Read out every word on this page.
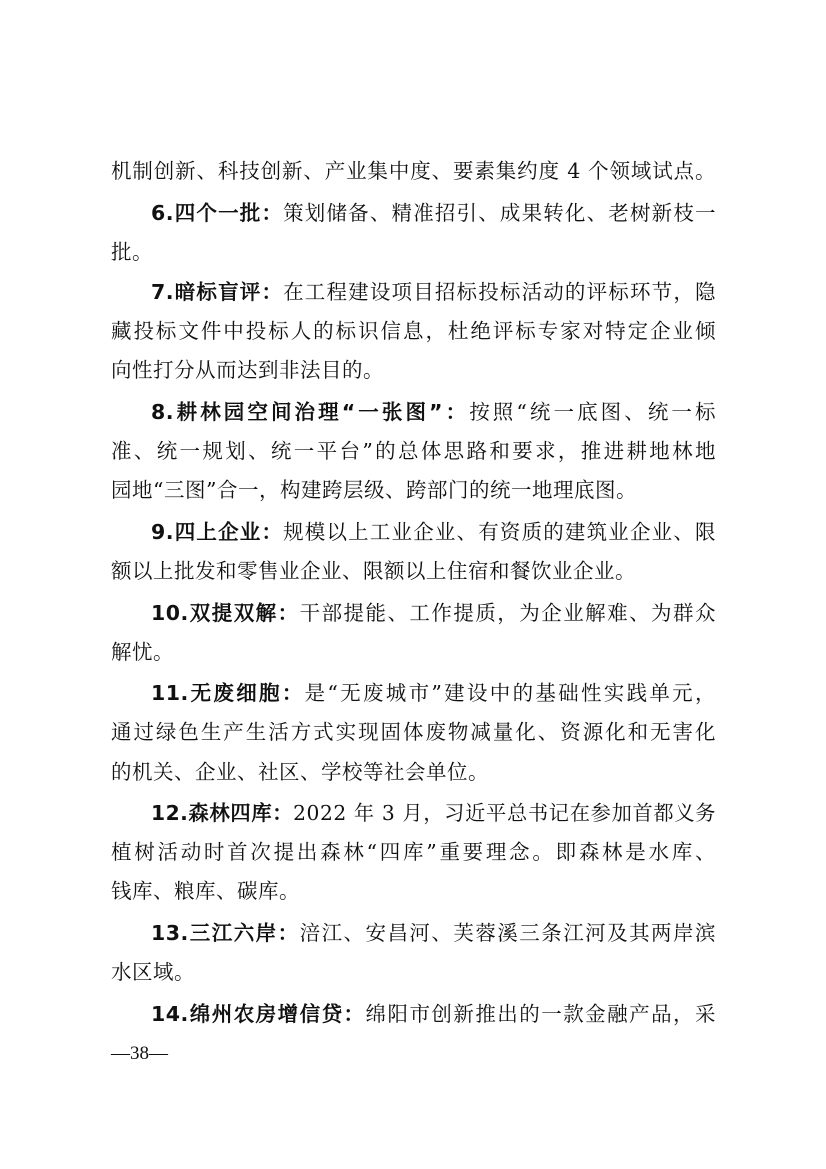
机制创新、科技创新、产业集中度、要素集约度 4 个领域试点。
6.四个一批：策划储备、精准招引、成果转化、老树新枝一
批。
7.暗标盲评：在工程建设项目招标投标活动的评标环节，隐
藏投标文件中投标人的标识信息，杜绝评标专家对特定企业倾
向性打分从而达到非法目的。
8.耕林园空间治理“一张图”：按照“统一底图、统一标
准、统一规划、统一平台”的总体思路和要求，推进耕地林地
园地“三图”合一，构建跨层级、跨部门的统一地理底图。
9.四上企业：规模以上工业企业、有资质的建筑业企业、限
额以上批发和零售业企业、限额以上住宿和餐饮业企业。
10.双提双解：干部提能、工作提质，为企业解难、为群众
解忧。
11.无废细胞：是“无废城市”建设中的基础性实践单元，
通过绿色生产生活方式实现固体废物减量化、资源化和无害化
的机关、企业、社区、学校等社会单位。
12.森林四库：2022 年 3 月，习近平总书记在参加首都义务
植树活动时首次提出森林“四库”重要理念。即森林是水库、
钱库、粮库、碳库。
13.三江六岸：涪江、安昌河、芙蓉溪三条江河及其两岸滨
水区域。
14.绵州农房增信贷：绵阳市创新推出的一款金融产品，采
—38—
